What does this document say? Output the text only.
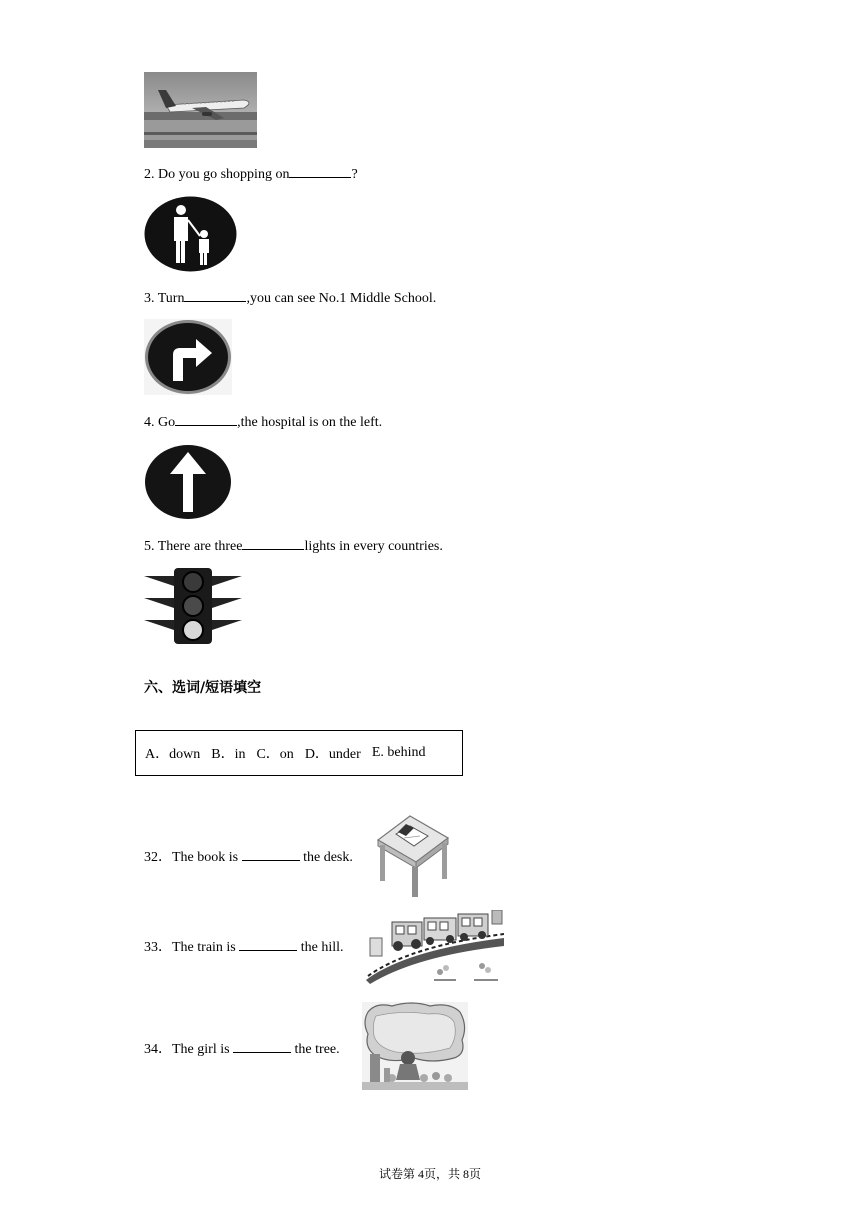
2. Do you go shopping on	?
3. Turn	,you can see No.1 Middle School.
4. Go	,the hospital is on the left.
5. There are three	lights in every countries.
六、选词/短语填空
A．down B．in C．on D．under E. behind
32．The book is	the desk.
33．The train is	the hill.
34．The girl is	the tree.
试卷第 4页，共 8页
